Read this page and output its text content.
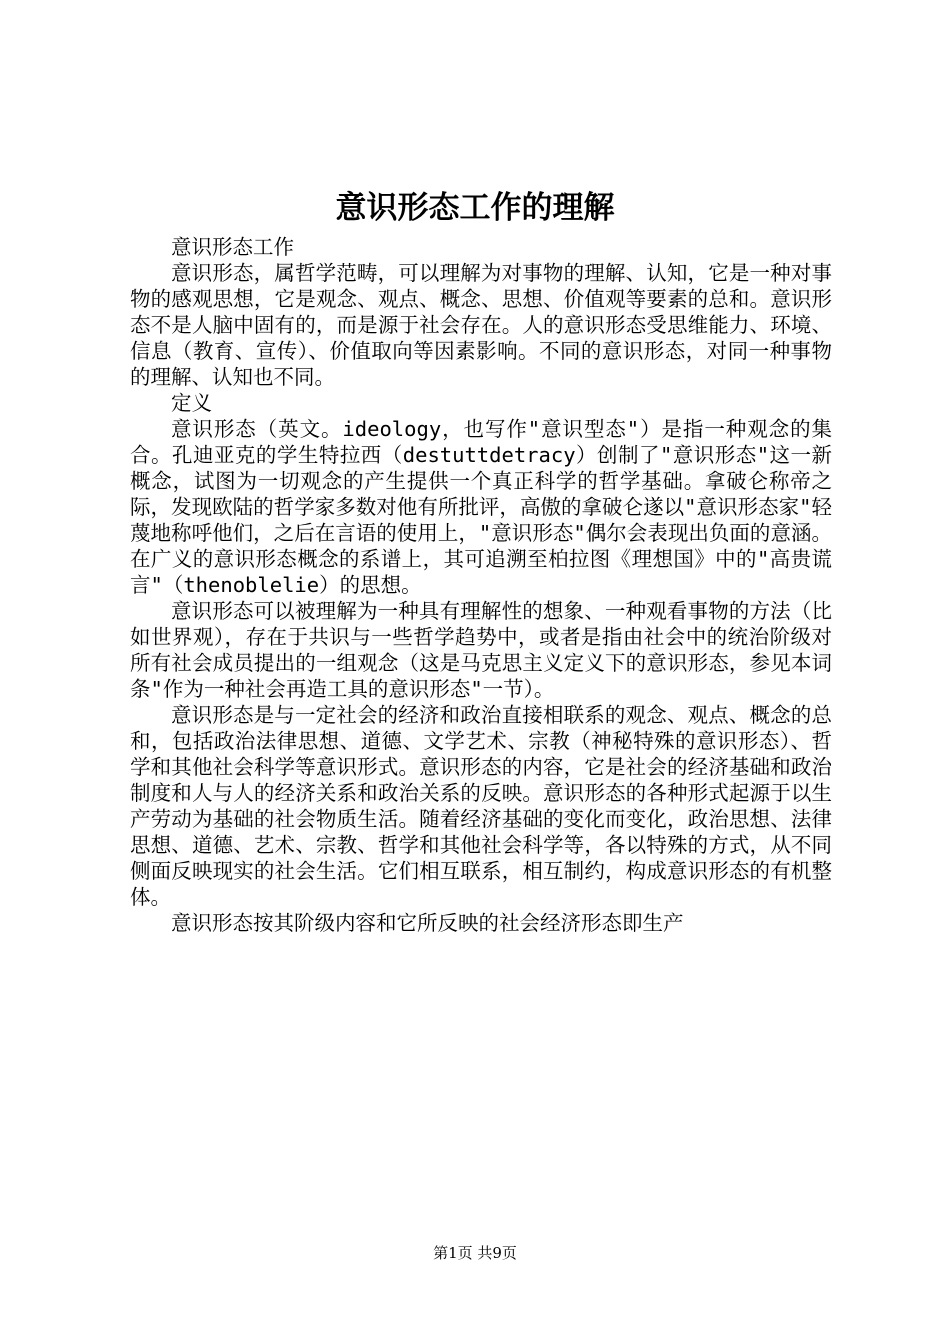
意识形态工作的理解

意识形态工作

意识形态，属哲学范畴，可以理解为对事物的理解、认知，它是一种对事物的感观思想，它是观念、观点、概念、思想、价值观等要素的总和。意识形态不是人脑中固有的，而是源于社会存在。人的意识形态受思维能力、环境、信息（教育、宣传）、价值取向等因素影响。不同的意识形态，对同一种事物的理解、认知也不同。

定义

意识形态（英文。ideology，也写作"意识型态"）是指一种观念的集合。孔迪亚克的学生特拉西（destuttdetracy）创制了"意识形态"这一新概念，试图为一切观念的产生提供一个真正科学的哲学基础。拿破仑称帝之际，发现欧陆的哲学家多数对他有所批评，高傲的拿破仑遂以"意识形态家"轻蔑地称呼他们，之后在言语的使用上，"意识形态"偶尔会表现出负面的意涵。在广义的意识形态概念的系谱上，其可追溯至柏拉图《理想国》中的"高贵谎言"（thenoblelie）的思想。

意识形态可以被理解为一种具有理解性的想象、一种观看事物的方法（比如世界观），存在于共识与一些哲学趋势中，或者是指由社会中的统治阶级对所有社会成员提出的一组观念（这是马克思主义定义下的意识形态，参见本词条"作为一种社会再造工具的意识形态"一节）。

意识形态是与一定社会的经济和政治直接相联系的观念、观点、概念的总和，包括政治法律思想、道德、文学艺术、宗教（神秘特殊的意识形态）、哲学和其他社会科学等意识形式。意识形态的内容，它是社会的经济基础和政治制度和人与人的经济关系和政治关系的反映。意识形态的各种形式起源于以生产劳动为基础的社会物质生活。随着经济基础的变化而变化，政治思想、法律思想、道德、艺术、宗教、哲学和其他社会科学等，各以特殊的方式，从不同侧面反映现实的社会生活。它们相互联系，相互制约，构成意识形态的有机整体。

意识形态按其阶级内容和它所反映的社会经济形态即生产

第1页 共9页
